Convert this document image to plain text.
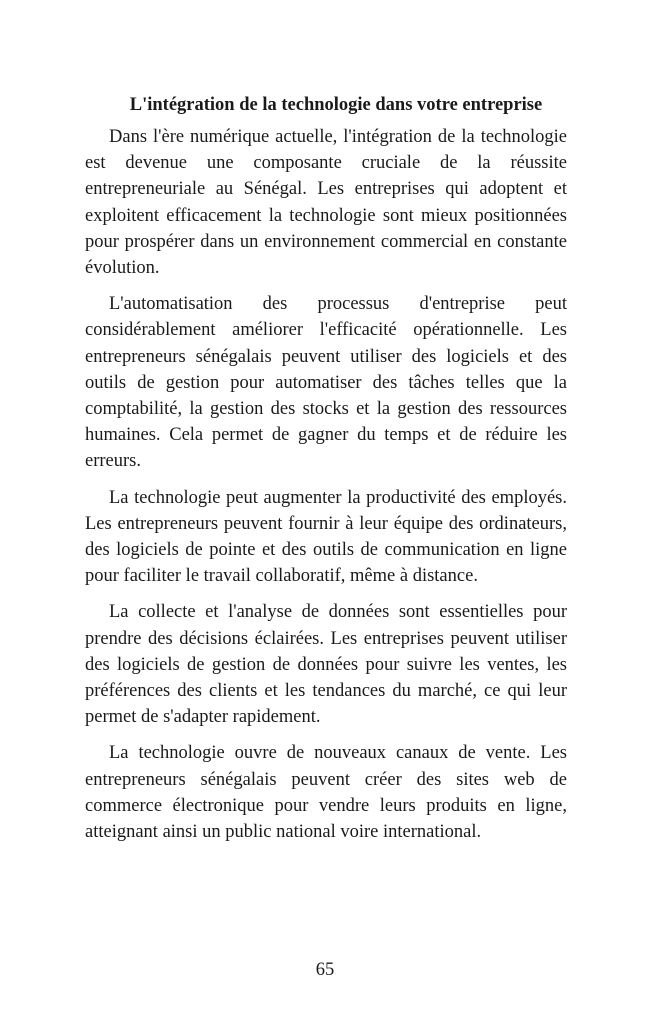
L'intégration de la technologie dans votre entreprise

Dans l'ère numérique actuelle, l'intégration de la technologie est devenue une composante cruciale de la réussite entrepreneuriale au Sénégal. Les entreprises qui adoptent et exploitent efficacement la technologie sont mieux positionnées pour prospérer dans un environnement commercial en constante évolution.

L'automatisation des processus d'entreprise peut considérablement améliorer l'efficacité opérationnelle. Les entrepreneurs sénégalais peuvent utiliser des logiciels et des outils de gestion pour automatiser des tâches telles que la comptabilité, la gestion des stocks et la gestion des ressources humaines. Cela permet de gagner du temps et de réduire les erreurs.

La technologie peut augmenter la productivité des employés. Les entrepreneurs peuvent fournir à leur équipe des ordinateurs, des logiciels de pointe et des outils de communication en ligne pour faciliter le travail collaboratif, même à distance.

La collecte et l'analyse de données sont essentielles pour prendre des décisions éclairées. Les entreprises peuvent utiliser des logiciels de gestion de données pour suivre les ventes, les préférences des clients et les tendances du marché, ce qui leur permet de s'adapter rapidement.

La technologie ouvre de nouveaux canaux de vente. Les entrepreneurs sénégalais peuvent créer des sites web de commerce électronique pour vendre leurs produits en ligne, atteignant ainsi un public national voire international.

65
